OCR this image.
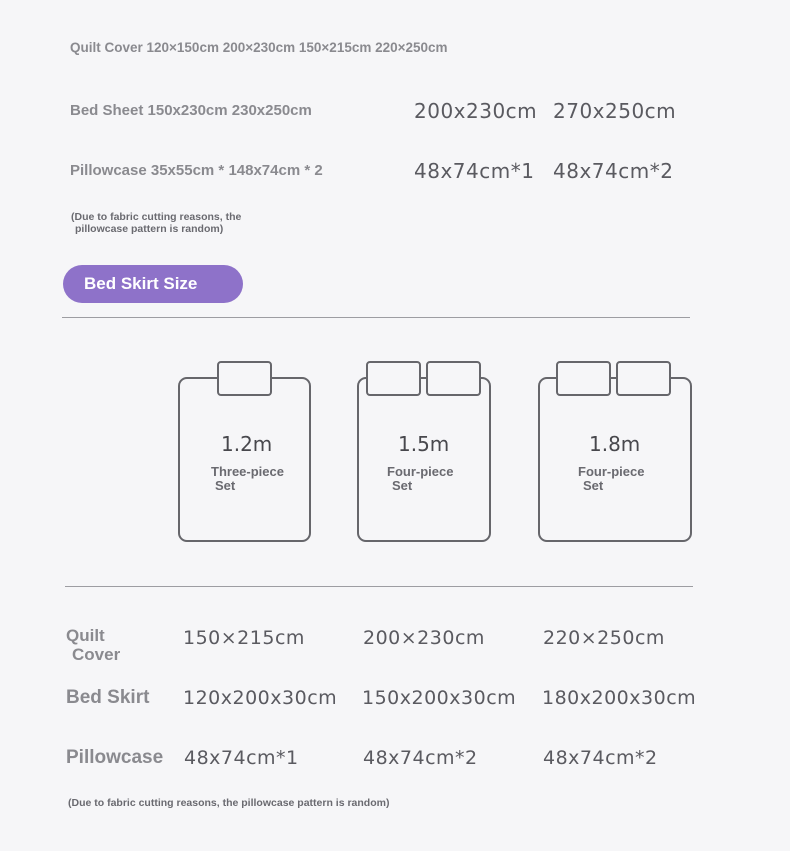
Quilt Cover 120×150cm 200×230cm 150×215cm 220×250cm
Bed Sheet 150x230cm 230x250cm	200x230cm 270x250cm
Pillowcase 35x55cm * 148x74cm * 2	48x74cm*1 48x74cm*2
(Due to fabric cutting reasons, the
pillowcase pattern is random)
Bed Skirt Size
1.2m
Three-piece
Set
1.5m
Four-piece
Set
1.8m
Four-piece
Set
Quilt
Cover
150×215cm	200×230cm	220×250cm
Bed Skirt 120x200x30cm 150x200x30cm 180x200x30cm
Pillowcase 48x74cm*1	48x74cm*2	48x74cm*2
(Due to fabric cutting reasons, the pillowcase pattern is random)
